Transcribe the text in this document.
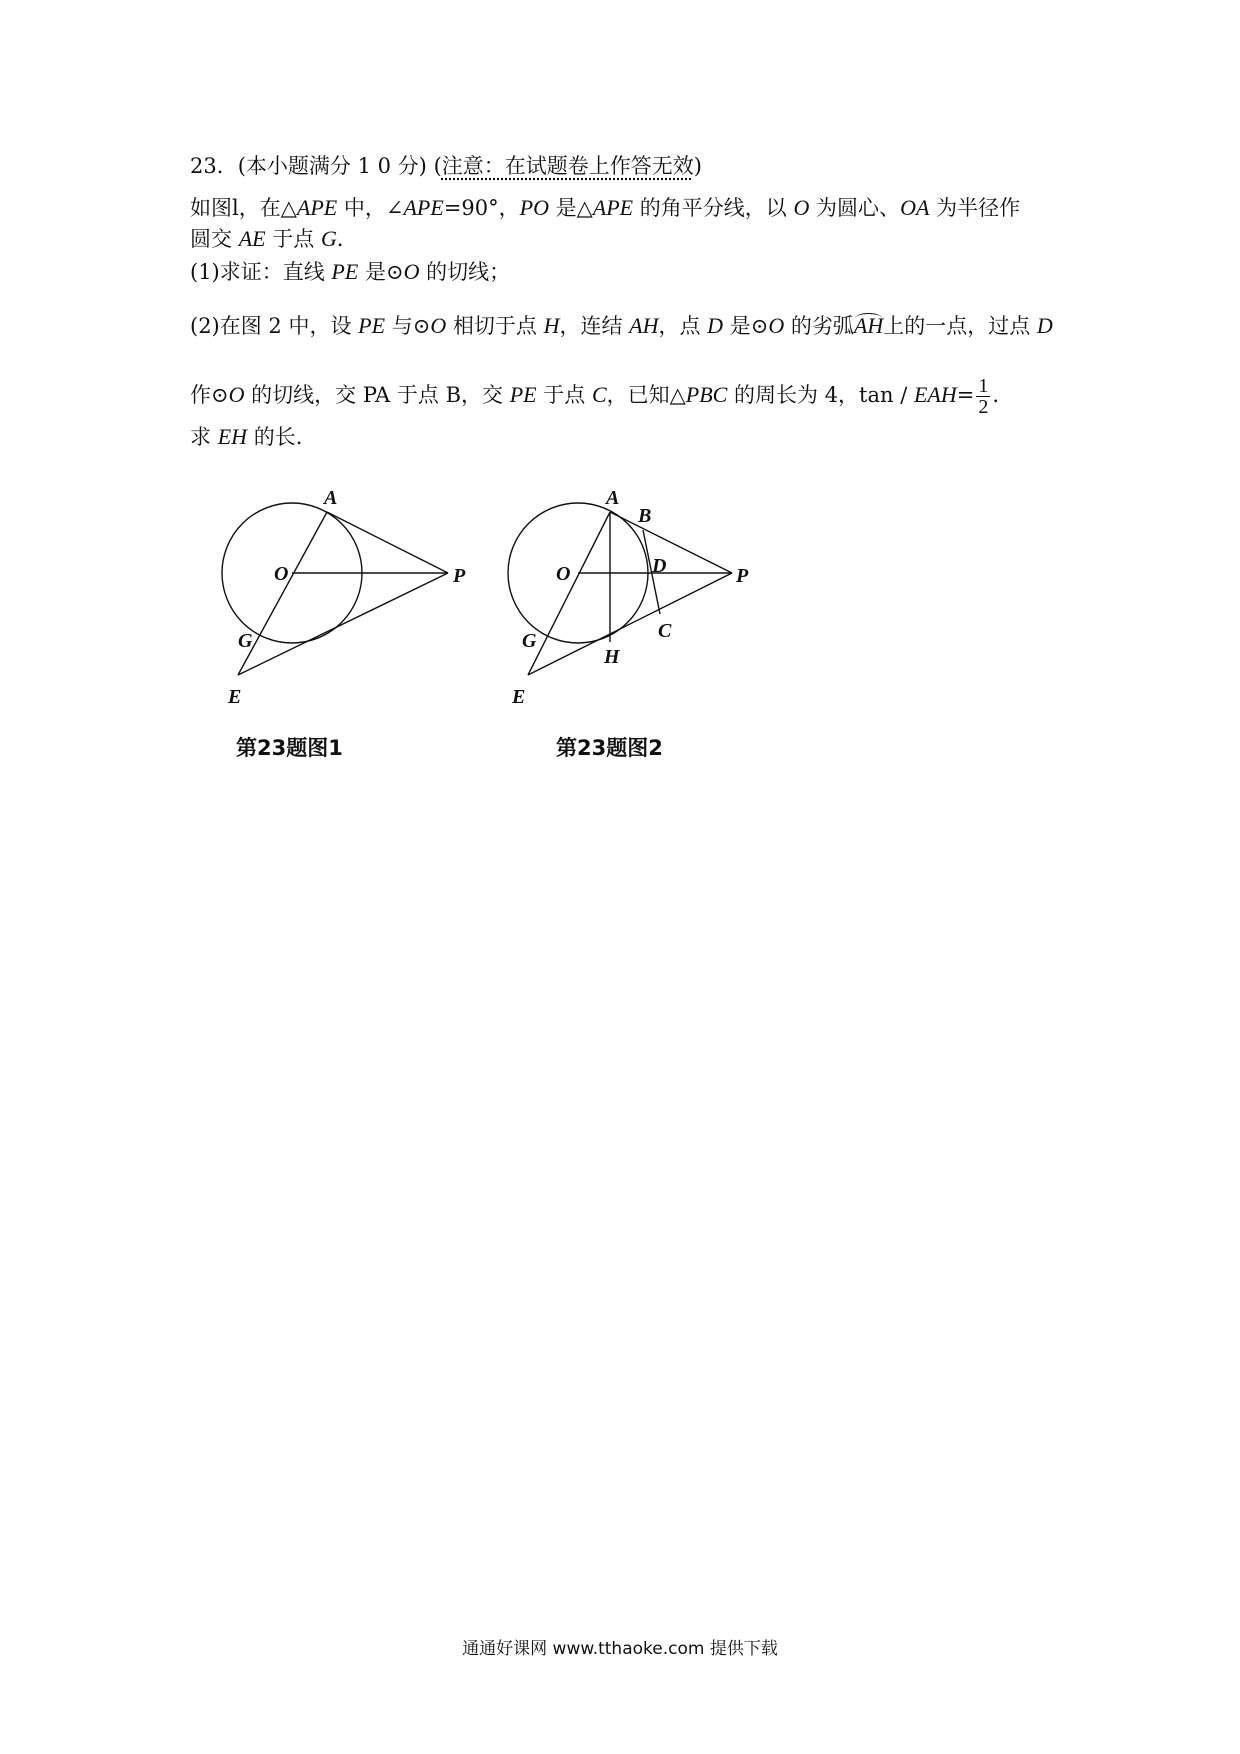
23．(本小题满分 1 0 分) (注意：在试题卷上作答无效)
如图l，在△APE 中，∠APE=90°，PO 是△APE 的角平分线，以 O 为圆心、OA 为半径作
圆交 AE 于点 G．
(1)求证：直线 PE 是⊙O 的切线；
(2)在图 2 中，设 PE 与⊙O 相切于点 H，连结 AH，点 D 是⊙O 的劣弧AH上的一点，过点 D
作⊙O 的切线，交 PA 于点 B，交 PE 于点 C，已知△PBC 的周长为 4，tan ∕ $EAH= \frac{1}{2}$ .
求 EH 的长.
A
O	P
G
E
第23题图1
A
B
D
O	P
C
G
H
E
第23题图2
通通好课网 www.tthaoke.com 提供下载
